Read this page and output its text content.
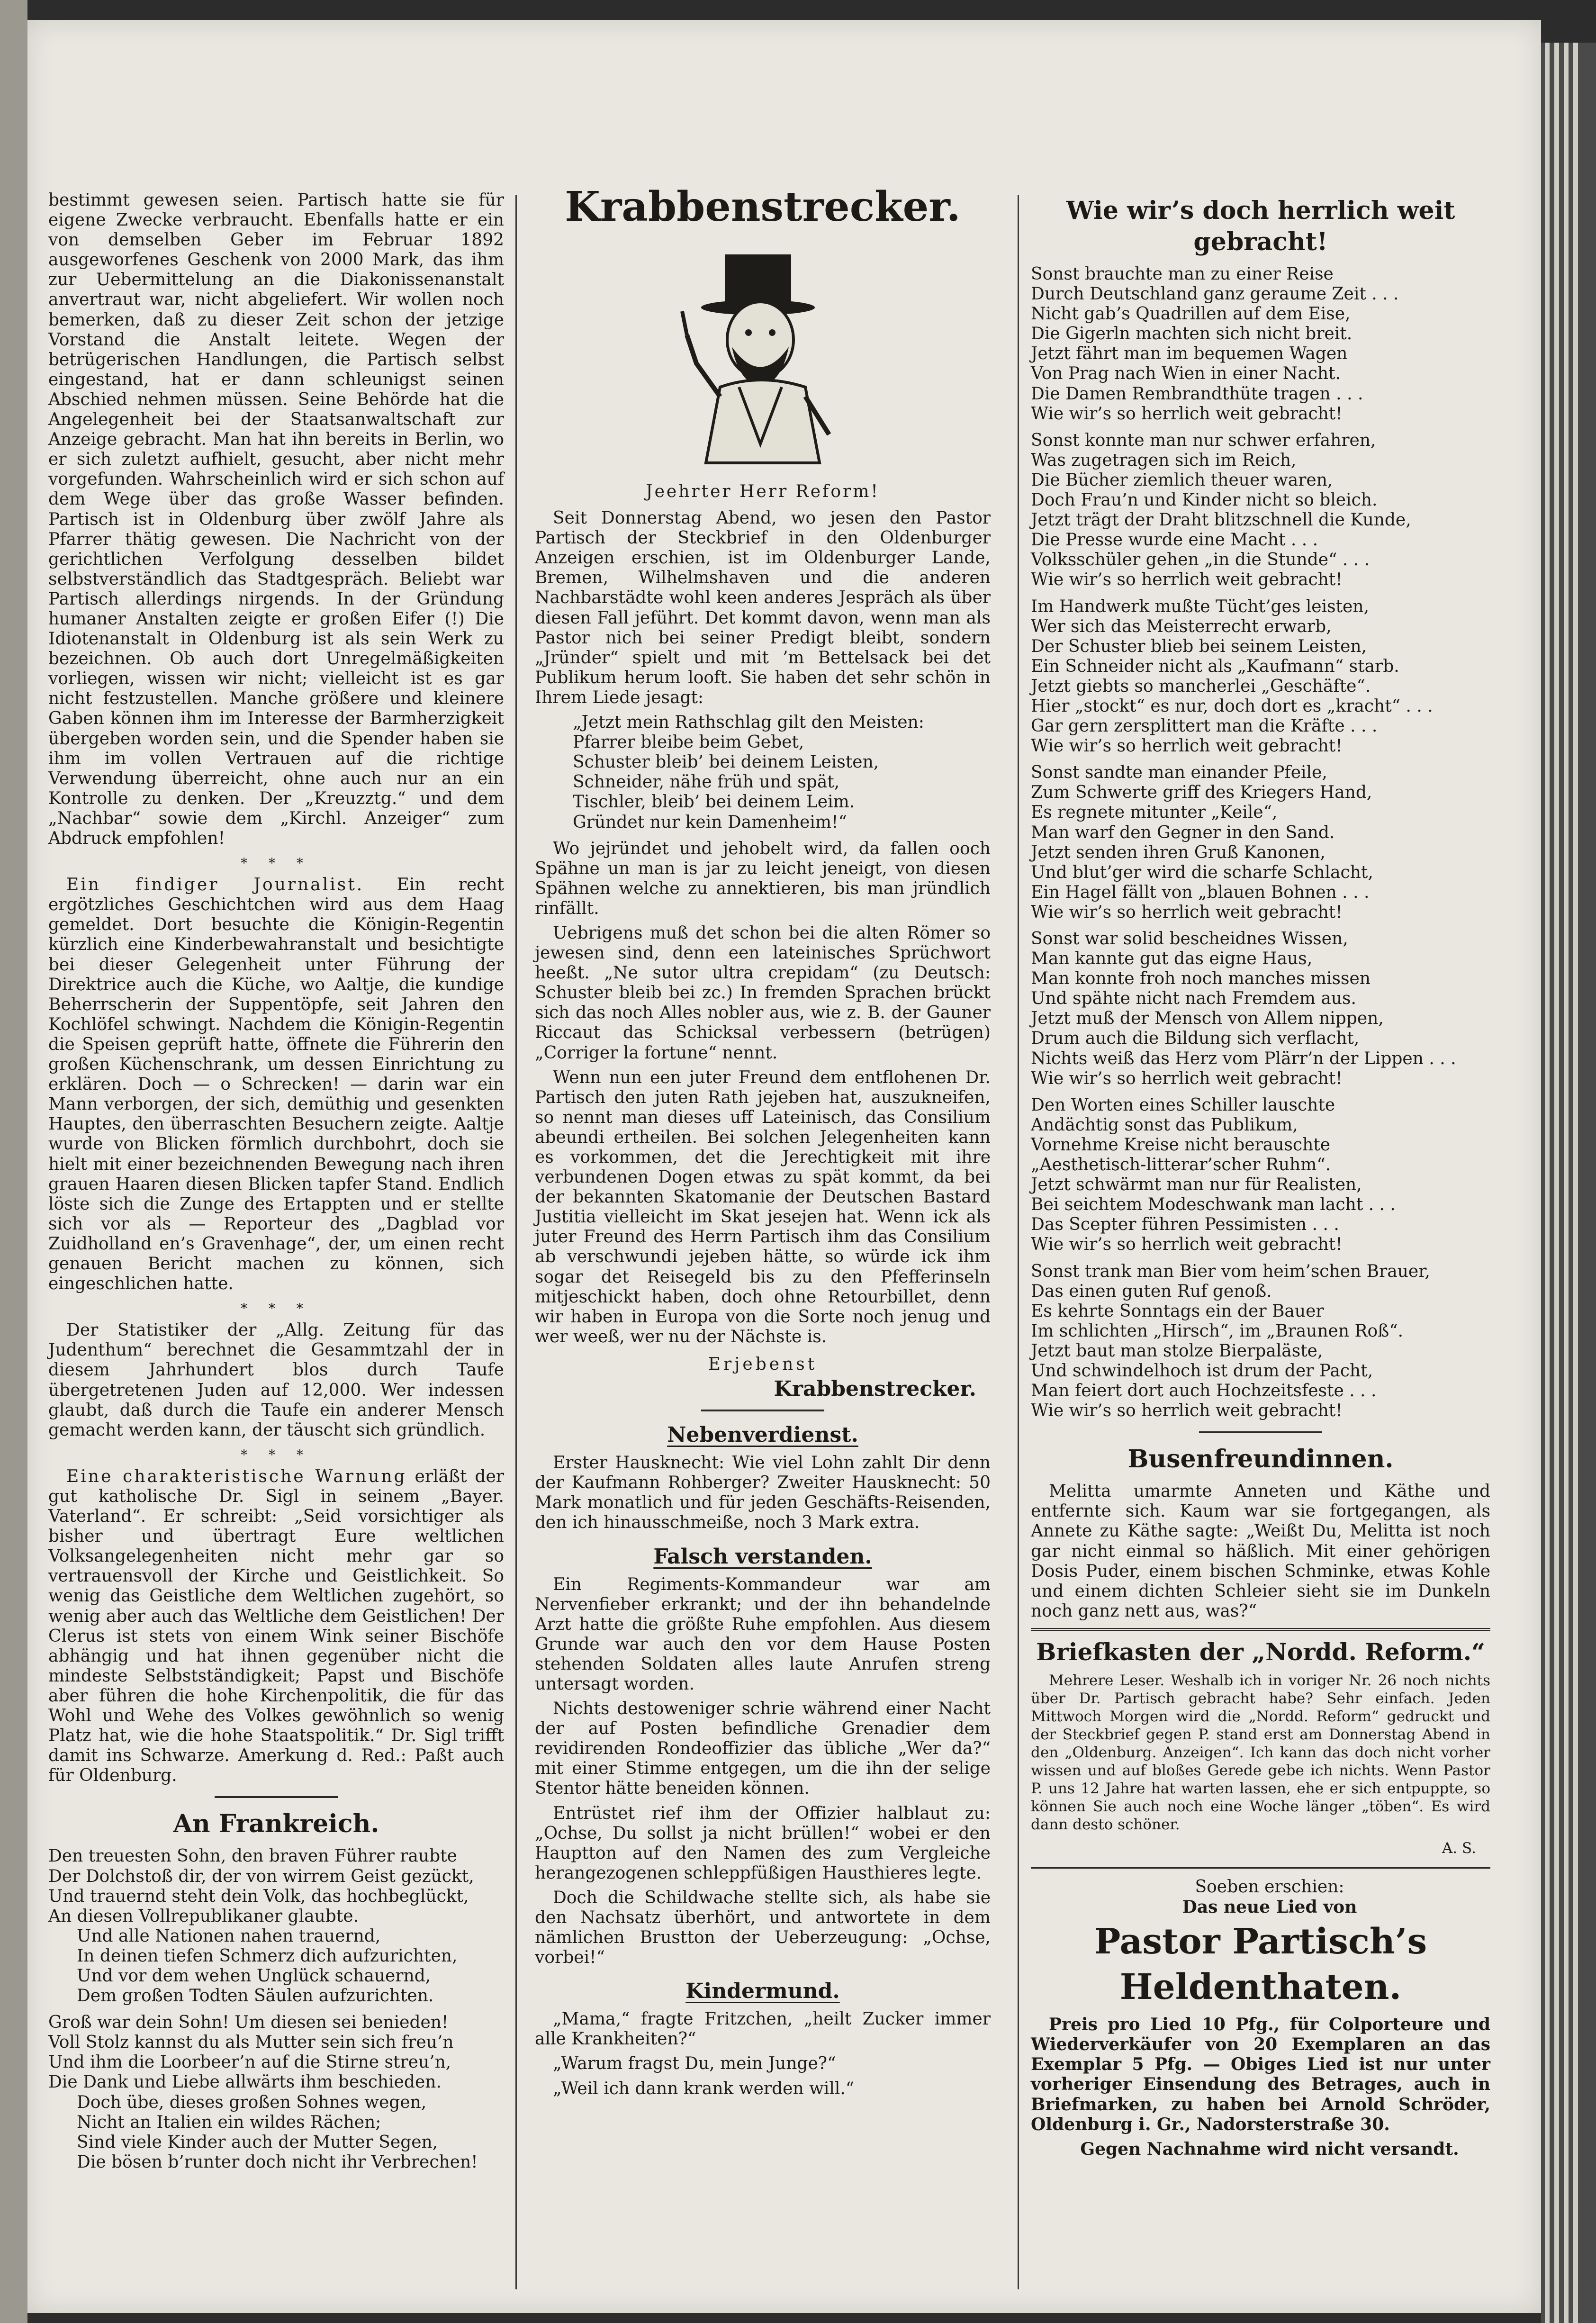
bestimmt gewesen seien. Partisch hatte sie für eigene Zwecke verbraucht. Ebenfalls hatte er ein von demselben Geber im Februar 1892 ausgeworfenes Geschenk von 2000 Mark, das ihm zur Uebermittelung an die Diakonissenanstalt anvertraut war, nicht abgeliefert. Wir wollen noch bemerken, daß zu dieser Zeit schon der jetzige Vorstand die Anstalt leitete. Wegen der betrügerischen Handlungen, die Partisch selbst eingestand, hat er dann schleunigst seinen Abschied nehmen müssen. Seine Behörde hat die Angelegenheit bei der Staatsanwaltschaft zur Anzeige gebracht. Man hat ihn bereits in Berlin, wo er sich zuletzt aufhielt, gesucht, aber nicht mehr vorgefunden. Wahrscheinlich wird er sich schon auf dem Wege über das große Wasser befinden. Partisch ist in Oldenburg über zwölf Jahre als Pfarrer thätig gewesen. Die Nachricht von der gerichtlichen Verfolgung desselben bildet selbstverständlich das Stadtgespräch. Beliebt war Partisch allerdings nirgends. In der Gründung humaner Anstalten zeigte er großen Eifer (!) Die Idiotenanstalt in Oldenburg ist als sein Werk zu bezeichnen. Ob auch dort Unregelmäßigkeiten vorliegen, wissen wir nicht; vielleicht ist es gar nicht festzustellen. Manche größere und kleinere Gaben können ihm im Interesse der Barmherzigkeit übergeben worden sein, und die Spender haben sie ihm im vollen Vertrauen auf die richtige Verwendung überreicht, ohne auch nur an ein Kontrolle zu denken. Der „Kreuzztg.“ und dem „Nachbar“ sowie dem „Kirchl. Anzeiger“ zum Abdruck empfohlen!

* * *

Ein findiger Journalist. Ein recht ergötzliches Geschichtchen wird aus dem Haag gemeldet. Dort besuchte die Königin-Regentin kürzlich eine Kinderbewahranstalt und besichtigte bei dieser Gelegenheit unter Führung der Direktrice auch die Küche, wo Aaltje, die kundige Beherrscherin der Suppentöpfe, seit Jahren den Kochlöfel schwingt. Nachdem die Königin-Regentin die Speisen geprüft hatte, öffnete die Führerin den großen Küchenschrank, um dessen Einrichtung zu erklären. Doch — o Schrecken! — darin war ein Mann verborgen, der sich, demüthig und gesenkten Hauptes, den überraschten Besuchern zeigte. Aaltje wurde von Blicken förmlich durchbohrt, doch sie hielt mit einer bezeichnenden Bewegung nach ihren grauen Haaren diesen Blicken tapfer Stand. Endlich löste sich die Zunge des Ertappten und er stellte sich vor als — Reporteur des „Dagblad vor Zuidholland en’s Gravenhage“, der, um einen recht genauen Bericht machen zu können, sich eingeschlichen hatte.

* * *

Der Statistiker der „Allg. Zeitung für das Judenthum“ berechnet die Gesammtzahl der in diesem Jahrhundert blos durch Taufe übergetretenen Juden auf 12,000. Wer indessen glaubt, daß durch die Taufe ein anderer Mensch gemacht werden kann, der täuscht sich gründlich.

* * *

Eine charakteristische Warnung erläßt der gut katholische Dr. Sigl in seinem „Bayer. Vaterland“. Er schreibt: „Seid vorsichtiger als bisher und übertragt Eure weltlichen Volksangelegenheiten nicht mehr gar so vertrauensvoll der Kirche und Geistlichkeit. So wenig das Geistliche dem Weltlichen zugehört, so wenig aber auch das Weltliche dem Geistlichen! Der Clerus ist stets von einem Wink seiner Bischöfe abhängig und hat ihnen gegenüber nicht die mindeste Selbstständigkeit; Papst und Bischöfe aber führen die hohe Kirchenpolitik, die für das Wohl und Wehe des Volkes gewöhnlich so wenig Platz hat, wie die hohe Staatspolitik.“ Dr. Sigl trifft damit ins Schwarze. Amerkung d. Red.: Paßt auch für Oldenburg.

An Frankreich.
Den treuesten Sohn, den braven Führer raubte
Der Dolchstoß dir, der von wirrem Geist gezückt,
Und trauernd steht dein Volk, das hochbeglückt,
An diesen Vollrepublikaner glaubte.
Und alle Nationen nahen trauernd,
In deinen tiefen Schmerz dich aufzurichten,
Und vor dem wehen Unglück schauernd,
Dem großen Todten Säulen aufzurichten.
Groß war dein Sohn! Um diesen sei benieden!
Voll Stolz kannst du als Mutter sein sich freu’n
Und ihm die Loorbeer’n auf die Stirne streu’n,
Die Dank und Liebe allwärts ihm beschieden.
Doch übe, dieses großen Sohnes wegen,
Nicht an Italien ein wildes Rächen;
Sind viele Kinder auch der Mutter Segen,
Die bösen b’runter doch nicht ihr Verbrechen!
Krabbenstrecker.
Jeehrter Herr Reform!

Seit Donnerstag Abend, wo jesen den Pastor Partisch der Steckbrief in den Oldenburger Anzeigen erschien, ist im Oldenburger Lande, Bremen, Wilhelmshaven und die anderen Nachbarstädte wohl keen anderes Jespräch als über diesen Fall jeführt. Det kommt davon, wenn man als Pastor nich bei seiner Predigt bleibt, sondern „Jründer“ spielt und mit ’m Bettelsack bei det Publikum herum looft. Sie haben det sehr schön in Ihrem Liede jesagt:

„Jetzt mein Rathschlag gilt den Meisten:
Pfarrer bleibe beim Gebet,
Schuster bleib’ bei deinem Leisten,
Schneider, nähe früh und spät,
Tischler, bleib’ bei deinem Leim.
Gründet nur kein Damenheim!“

Wo jejründet und jehobelt wird, da fallen ooch Spähne un man is jar zu leicht jeneigt, von diesen Spähnen welche zu annektieren, bis man jründlich rinfällt.

Uebrigens muß det schon bei die alten Römer so jewesen sind, denn een lateinisches Sprüchwort heeßt. „Ne sutor ultra crepidam“ (zu Deutsch: Schuster bleib bei zc.) In fremden Sprachen brückt sich das noch Alles nobler aus, wie z. B. der Gauner Riccaut das Schicksal verbessern (betrügen) „Corriger la fortune“ nennt.

Wenn nun een juter Freund dem entflohenen Dr. Partisch den juten Rath jejeben hat, auszukneifen, so nennt man dieses uff Lateinisch, das Consilium abeundi ertheilen. Bei solchen Jelegenheiten kann es vorkommen, det die Jerechtigkeit mit ihre verbundenen Dogen etwas zu spät kommt, da bei der bekannten Skatomanie der Deutschen Bastard Justitia vielleicht im Skat jesejen hat. Wenn ick als juter Freund des Herrn Partisch ihm das Consilium ab verschwundi jejeben hätte, so würde ick ihm sogar det Reisegeld bis zu den Pfefferinseln mitjeschickt haben, doch ohne Retourbillet, denn wir haben in Europa von die Sorte noch jenug und wer weeß, wer nu der Nächste is.

Erjebenst
Krabbenstrecker.
Nebenverdienst.

Erster Hausknecht: Wie viel Lohn zahlt Dir denn der Kaufmann Rohberger? Zweiter Hausknecht: 50 Mark monatlich und für jeden Geschäfts-Reisenden, den ich hinausschmeiße, noch 3 Mark extra.

Falsch verstanden.

Ein Regiments-Kommandeur war am Nervenfieber erkrankt; und der ihn behandelnde Arzt hatte die größte Ruhe empfohlen. Aus diesem Grunde war auch den vor dem Hause Posten stehenden Soldaten alles laute Anrufen streng untersagt worden.

Nichts destoweniger schrie während einer Nacht der auf Posten befindliche Grenadier dem revidirenden Rondeoffizier das übliche „Wer da?“ mit einer Stimme entgegen, um die ihn der selige Stentor hätte beneiden können.

Entrüstet rief ihm der Offizier halblaut zu: „Ochse, Du sollst ja nicht brüllen!“ wobei er den Hauptton auf den Namen des zum Vergleiche herangezogenen schleppfüßigen Hausthieres legte.

Doch die Schildwache stellte sich, als habe sie den Nachsatz überhört, und antwortete in dem nämlichen Brustton der Ueberzeugung: „Ochse, vorbei!“

Kindermund.

„Mama,“ fragte Fritzchen, „heilt Zucker immer alle Krankheiten?“

„Warum fragst Du, mein Junge?“

„Weil ich dann krank werden will.“

Wie wir’s doch herrlich weit gebracht!
Sonst brauchte man zu einer Reise
Durch Deutschland ganz geraume Zeit . . .
Nicht gab’s Quadrillen auf dem Eise,
Die Gigerln machten sich nicht breit.
Jetzt fährt man im bequemen Wagen
Von Prag nach Wien in einer Nacht.
Die Damen Rembrandthüte tragen . . .
Wie wir’s so herrlich weit gebracht!
Sonst konnte man nur schwer erfahren,
Was zugetragen sich im Reich,
Die Bücher ziemlich theuer waren,
Doch Frau’n und Kinder nicht so bleich.
Jetzt trägt der Draht blitzschnell die Kunde,
Die Presse wurde eine Macht . . .
Volksschüler gehen „in die Stunde“ . . .
Wie wir’s so herrlich weit gebracht!
Im Handwerk mußte Tücht’ges leisten,
Wer sich das Meisterrecht erwarb,
Der Schuster blieb bei seinem Leisten,
Ein Schneider nicht als „Kaufmann“ starb.
Jetzt giebts so mancherlei „Geschäfte“.
Hier „stockt“ es nur, doch dort es „kracht“ . . .
Gar gern zersplittert man die Kräfte . . .
Wie wir’s so herrlich weit gebracht!
Sonst sandte man einander Pfeile,
Zum Schwerte griff des Kriegers Hand,
Es regnete mitunter „Keile“,
Man warf den Gegner in den Sand.
Jetzt senden ihren Gruß Kanonen,
Und blut’ger wird die scharfe Schlacht,
Ein Hagel fällt von „blauen Bohnen . . .
Wie wir’s so herrlich weit gebracht!
Sonst war solid bescheidnes Wissen,
Man kannte gut das eigne Haus,
Man konnte froh noch manches missen
Und spähte nicht nach Fremdem aus.
Jetzt muß der Mensch von Allem nippen,
Drum auch die Bildung sich verflacht,
Nichts weiß das Herz vom Plärr’n der Lippen . . .
Wie wir’s so herrlich weit gebracht!
Den Worten eines Schiller lauschte
Andächtig sonst das Publikum,
Vornehme Kreise nicht berauschte
„Aesthetisch-litterar’scher Ruhm“.
Jetzt schwärmt man nur für Realisten,
Bei seichtem Modeschwank man lacht . . .
Das Scepter führen Pessimisten . . .
Wie wir’s so herrlich weit gebracht!
Sonst trank man Bier vom heim’schen Brauer,
Das einen guten Ruf genoß.
Es kehrte Sonntags ein der Bauer
Im schlichten „Hirsch“, im „Braunen Roß“.
Jetzt baut man stolze Bierpaläste,
Und schwindelhoch ist drum der Pacht,
Man feiert dort auch Hochzeitsfeste . . .
Wie wir’s so herrlich weit gebracht!
Busenfreundinnen.

Melitta umarmte Anneten und Käthe und entfernte sich. Kaum war sie fortgegangen, als Annete zu Käthe sagte: „Weißt Du, Melitta ist noch gar nicht einmal so häßlich. Mit einer gehörigen Dosis Puder, einem bischen Schminke, etwas Kohle und einem dichten Schleier sieht sie im Dunkeln noch ganz nett aus, was?“

Briefkasten der „Nordd. Reform.“

Mehrere Leser. Weshalb ich in voriger Nr. 26 noch nichts über Dr. Partisch gebracht habe? Sehr einfach. Jeden Mittwoch Morgen wird die „Nordd. Reform“ gedruckt und der Steckbrief gegen P. stand erst am Donnerstag Abend in den „Oldenburg. Anzeigen“. Ich kann das doch nicht vorher wissen und auf bloßes Gerede gebe ich nichts. Wenn Pastor P. uns 12 Jahre hat warten lassen, ehe er sich entpuppte, so können Sie auch noch eine Woche länger „töben“. Es wird dann desto schöner.

A. S.

Soeben erschien:

Das neue Lied von

Pastor Partisch’s Heldenthaten.

Preis pro Lied 10 Pfg., für Colporteure und Wiederverkäufer von 20 Exemplaren an das Exemplar 5 Pfg. — Obiges Lied ist nur unter vorheriger Einsendung des Betrages, auch in Briefmarken, zu haben bei Arnold Schröder, Oldenburg i. Gr., Nadorsterstraße 30.

Gegen Nachnahme wird nicht versandt.
